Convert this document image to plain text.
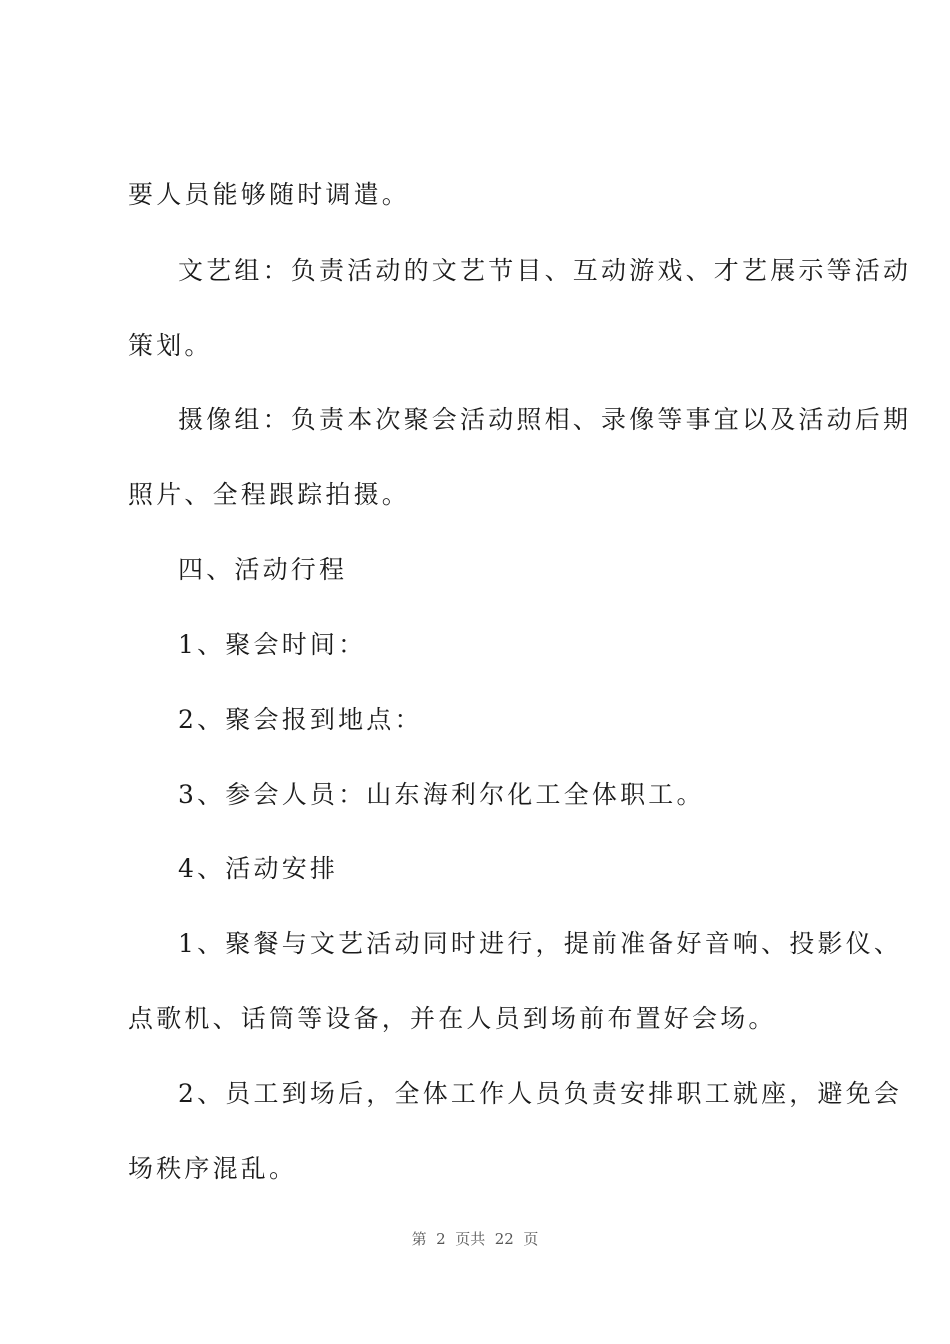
要人员能够随时调遣。
文艺组：负责活动的文艺节目、互动游戏、才艺展示等活动
策划。
摄像组：负责本次聚会活动照相、录像等事宜以及活动后期
照片、全程跟踪拍摄。
四、活动行程
1、聚会时间：
2、聚会报到地点：
3、参会人员：山东海利尔化工全体职工。
4、活动安排
1、聚餐与文艺活动同时进行，提前准备好音响、投影仪、
点歌机、话筒等设备，并在人员到场前布置好会场。
2、员工到场后，全体工作人员负责安排职工就座，避免会
场秩序混乱。
第  2  页共  22  页
